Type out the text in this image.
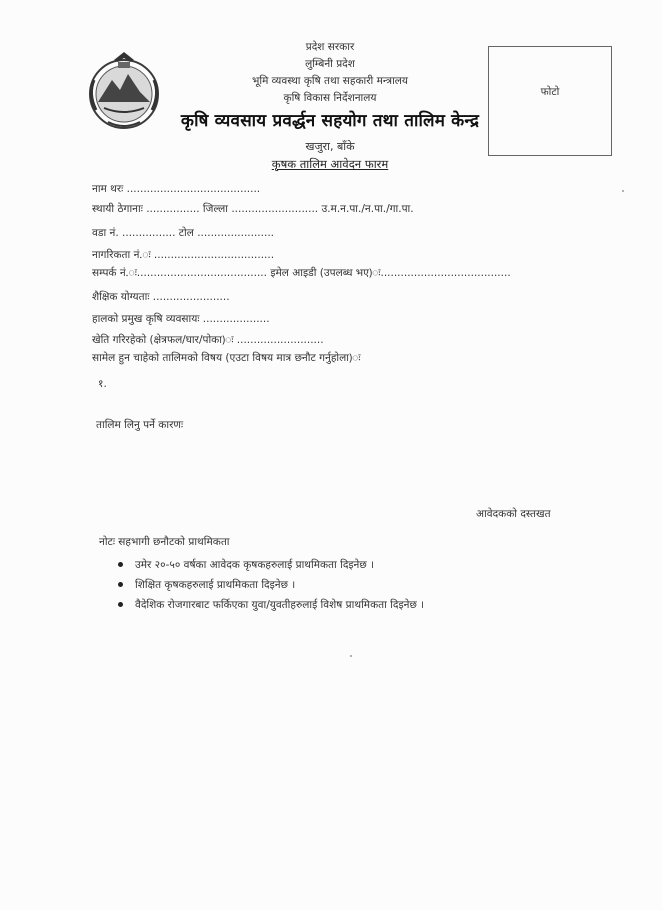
प्रदेश सरकार
लुम्बिनी प्रदेश
भूमि व्यवस्था कृषि तथा सहकारी मन्त्रालय
कृषि विकास निर्देशनालय
कृषि व्यवसाय प्रवर्द्धन सहयोग तथा तालिम केन्द्र
खजुरा, बाँके
कृषक तालिम आवेदन फारम
फोटो
नाम थरः ........................................
स्थायी ठेगानाः ................ जिल्ला .......................... उ.म.न.पा./न.पा./गा.पा.
वडा नं. ................ टोल .......................
नागरिकता नं.ः ....................................
सम्पर्क नं.ः....................................... इमेल आइडी (उपलब्ध भए)ः.......................................
शैक्षिक योग्यताः .......................
हालको प्रमुख कृषि व्यवसायः ....................
खेति गरिरहेको (क्षेत्रफल/घार/पोका)ः ..........................
सामेल हुन चाहेको तालिमको विषय (एउटा विषय मात्र छनौट गर्नुहोला)ः
१.
तालिम लिनु पर्ने कारणः
आवेदकको दस्तखत
नोटः सहभागी छनौटको प्राथमिकता
उमेर २०-५० वर्षका आवेदक कृषकहरुलाई प्राथमिकता दिइनेछ ।
शिक्षित कृषकहरुलाई प्राथमिकता दिइनेछ ।
वैदेशिक रोजगारबाट फर्किएका युवा/युवतीहरुलाई विशेष प्राथमिकता दिइनेछ ।
